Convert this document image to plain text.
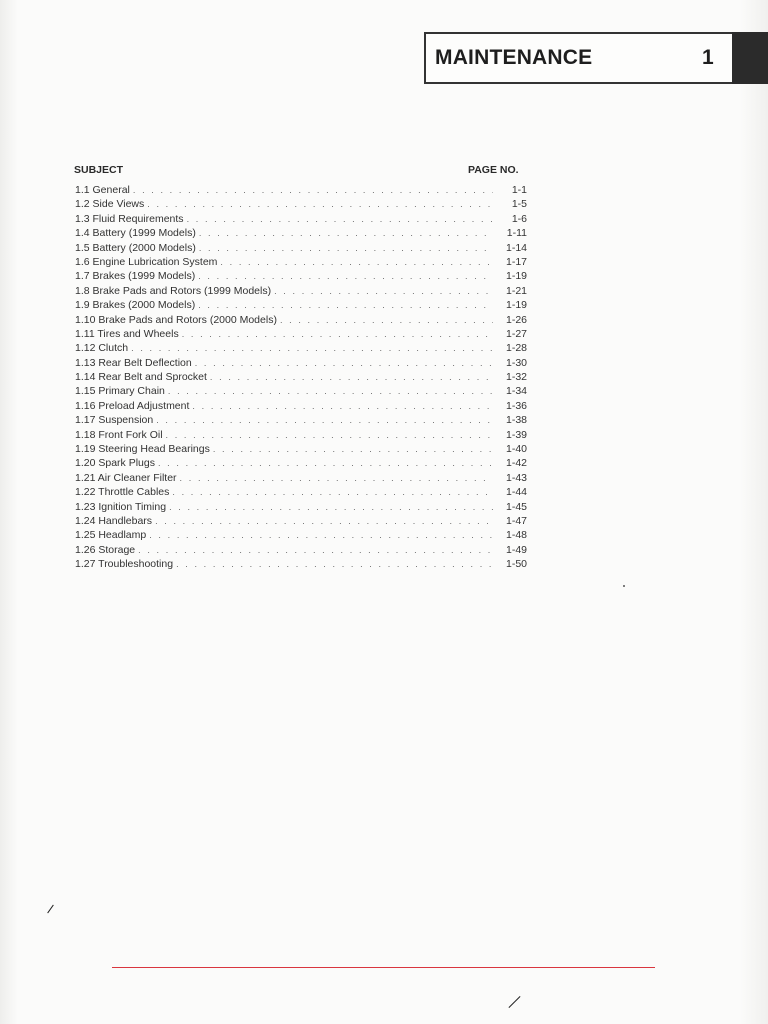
MAINTENANCE	1
SUBJECT	PAGE NO.
1.1 General . . .	1-1
1.2 Side Views . . .	1-5
1.3 Fluid Requirements . . .	1-6
1.4 Battery (1999 Models) . . .	1-11
1.5 Battery (2000 Models) . . .	1-14
1.6 Engine Lubrication System . . .	1-17
1.7 Brakes (1999 Models) . . .	1-19
1.8 Brake Pads and Rotors (1999 Models) . . .	1-21
1.9 Brakes (2000 Models) . . .	1-19
1.10 Brake Pads and Rotors (2000 Models) . . .	1-26
1.11 Tires and Wheels . . .	1-27
1.12 Clutch . . .	1-28
1.13 Rear Belt Deflection . . .	1-30
1.14 Rear Belt and Sprocket . . .	1-32
1.15 Primary Chain . . .	1-34
1.16 Preload Adjustment . . .	1-36
1.17 Suspension . . .	1-38
1.18 Front Fork Oil . . .	1-39
1.19 Steering Head Bearings . . .	1-40
1.20 Spark Plugs . . .	1-42
1.21 Air Cleaner Filter . . .	1-43
1.22 Throttle Cables . . .	1-44
1.23 Ignition Timing . . .	1-45
1.24 Handlebars . . .	1-47
1.25 Headlamp . . .	1-48
1.26 Storage . . .	1-49
1.27 Troubleshooting . . .	1-50
